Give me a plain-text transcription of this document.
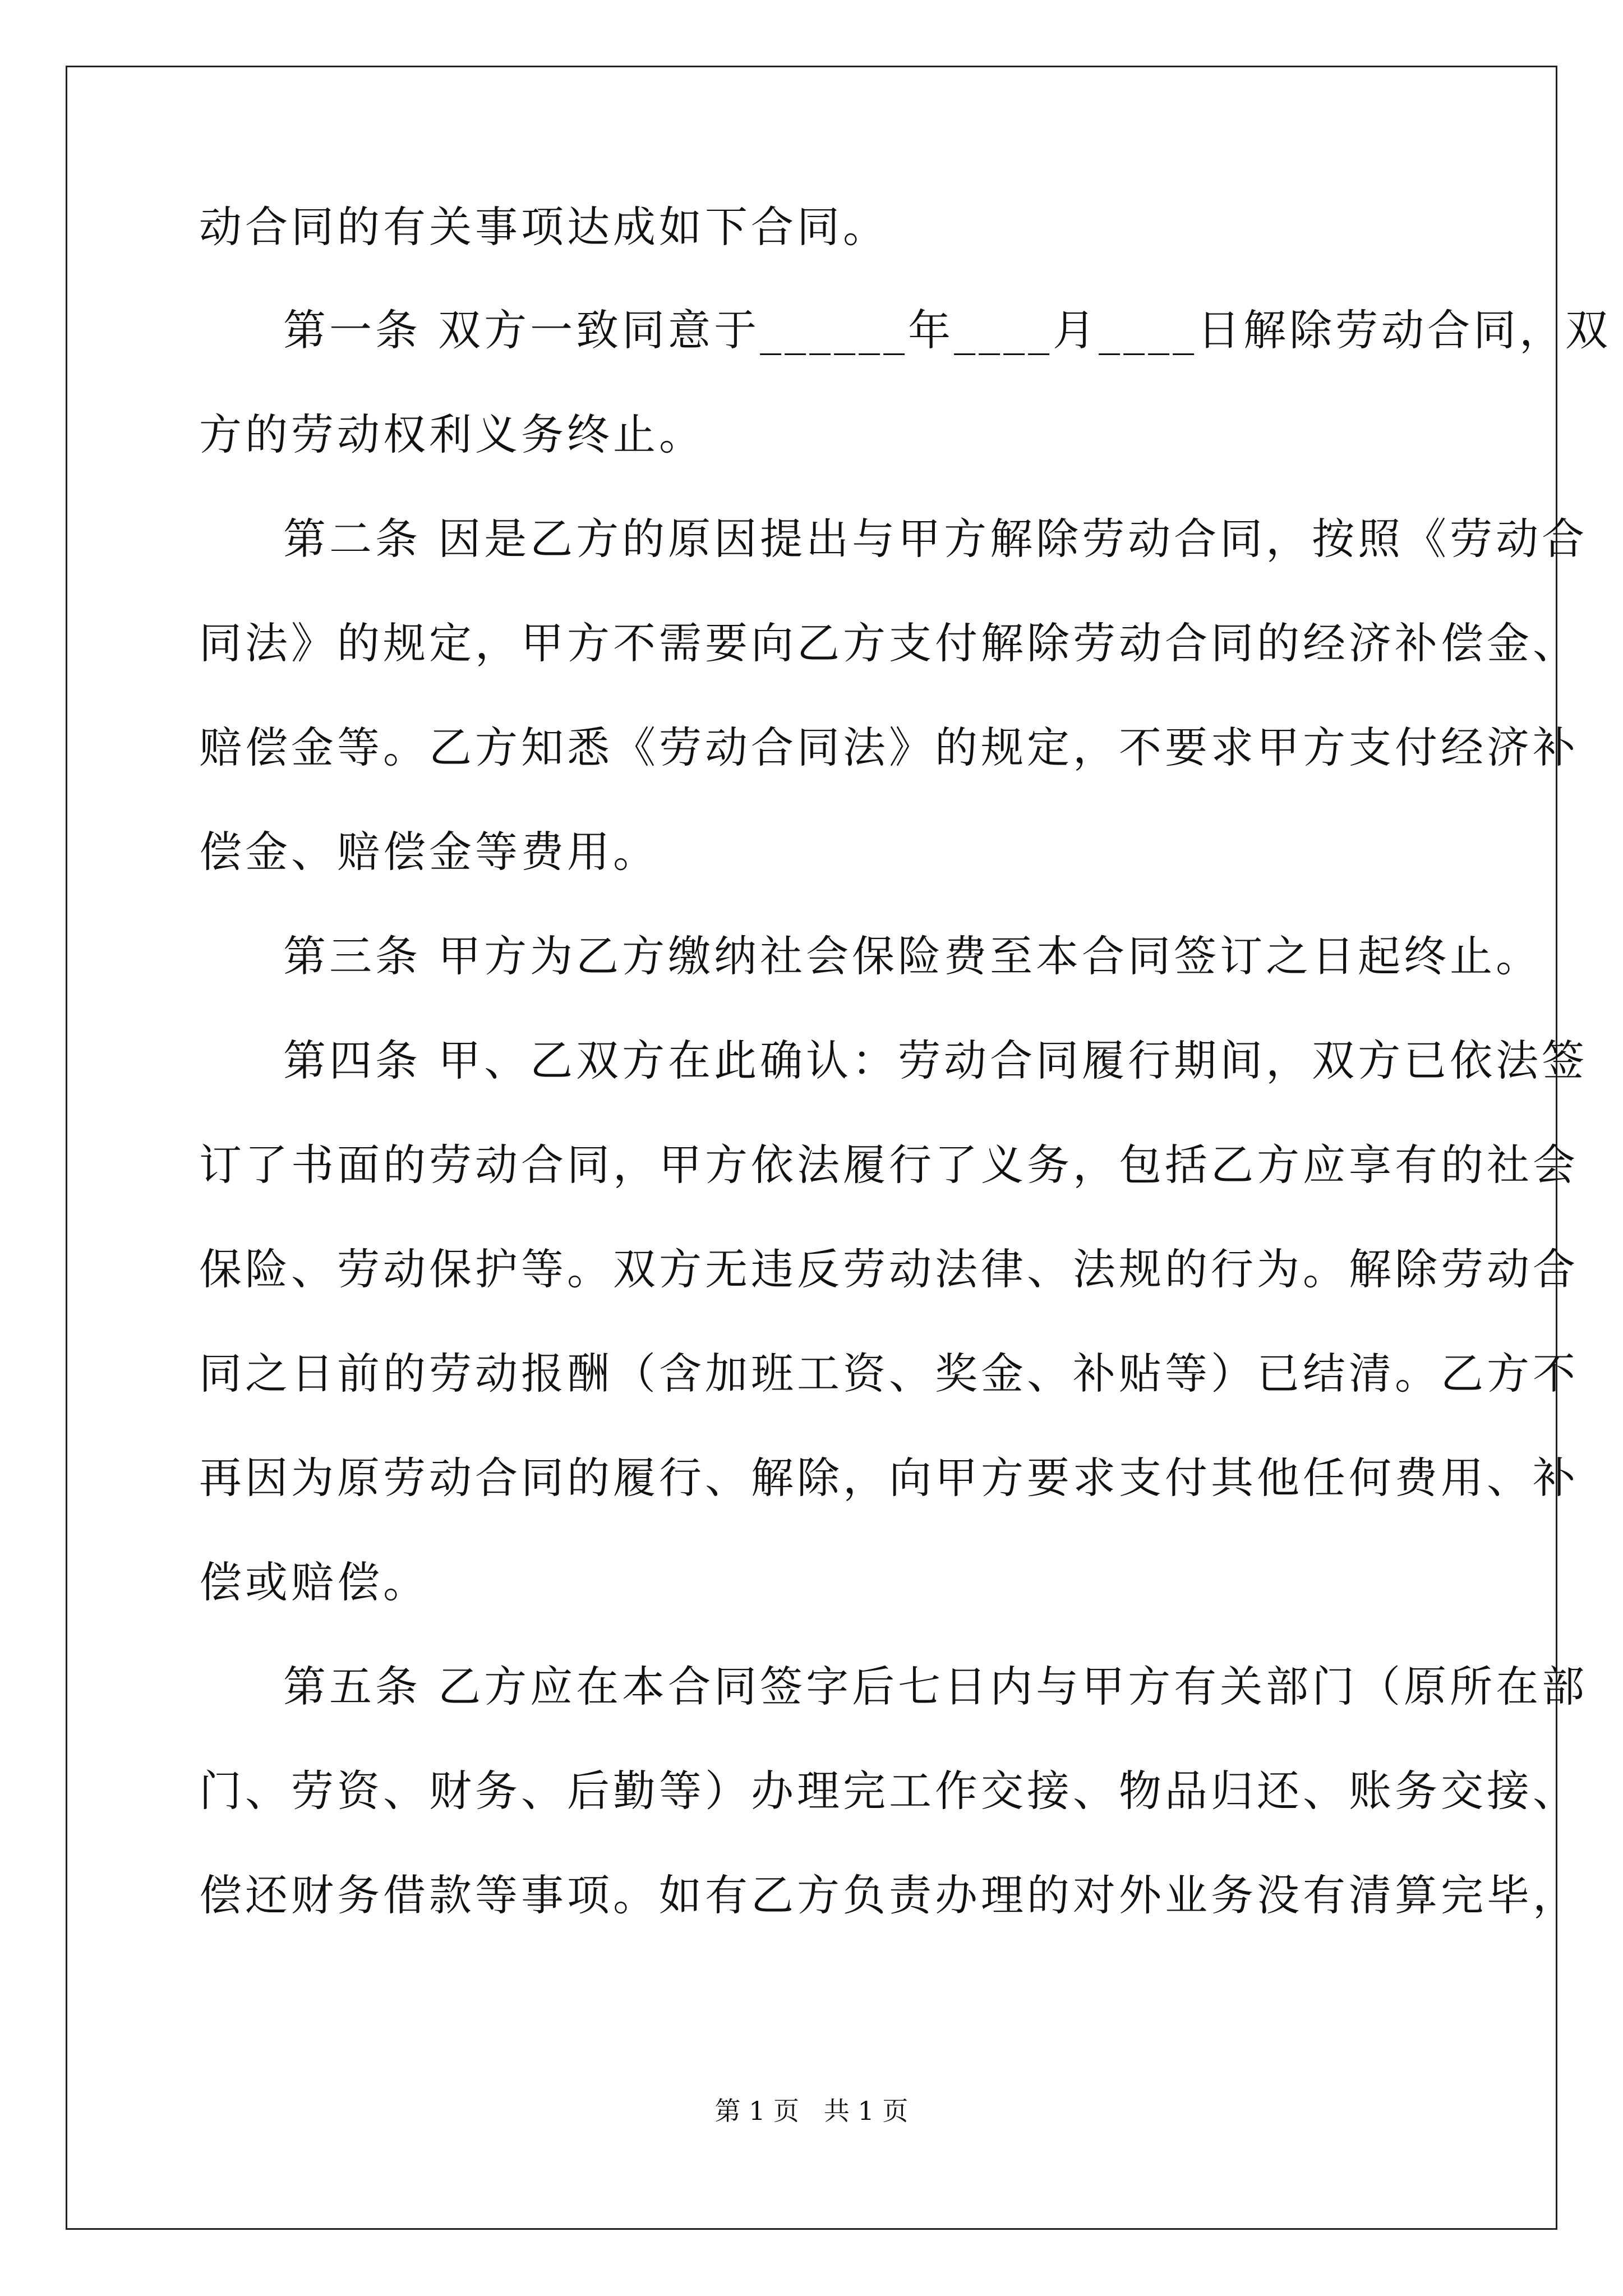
动合同的有关事项达成如下合同。
第一条 双方一致同意于______年____月____日解除劳动合同，双
方的劳动权利义务终止。
第二条 因是乙方的原因提出与甲方解除劳动合同，按照《劳动合
同法》的规定，甲方不需要向乙方支付解除劳动合同的经济补偿金、
赔偿金等。乙方知悉《劳动合同法》的规定，不要求甲方支付经济补
偿金、赔偿金等费用。
第三条 甲方为乙方缴纳社会保险费至本合同签订之日起终止。
第四条 甲、乙双方在此确认：劳动合同履行期间，双方已依法签
订了书面的劳动合同，甲方依法履行了义务，包括乙方应享有的社会
保险、劳动保护等。双方无违反劳动法律、法规的行为。解除劳动合
同之日前的劳动报酬（含加班工资、奖金、补贴等）已结清。乙方不
再因为原劳动合同的履行、解除，向甲方要求支付其他任何费用、补
偿或赔偿。
第五条 乙方应在本合同签字后七日内与甲方有关部门（原所在部
门、劳资、财务、后勤等）办理完工作交接、物品归还、账务交接、
偿还财务借款等事项。如有乙方负责办理的对外业务没有清算完毕，
第 1 页   共 1 页
